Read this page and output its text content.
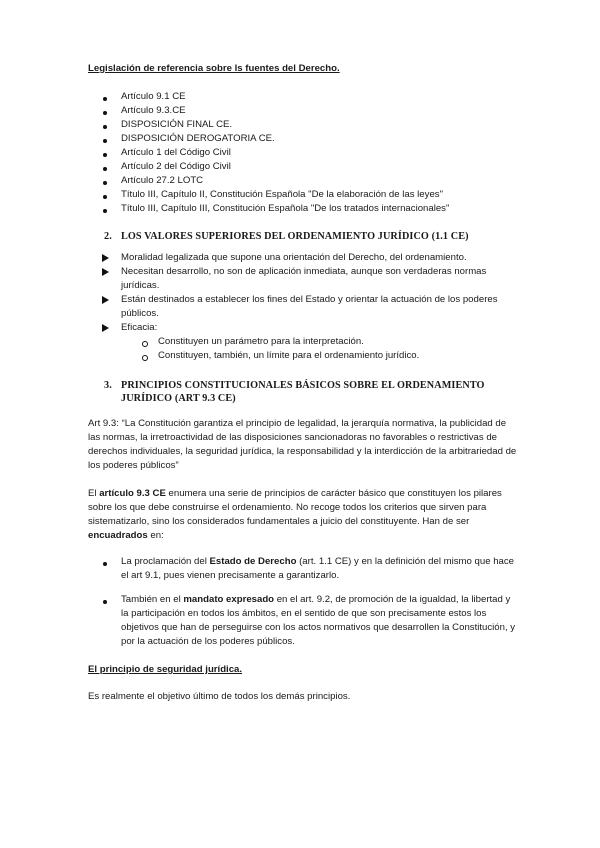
Legislación de referencia sobre ls fuentes del Derecho.
Artículo 9.1 CE
Artículo 9.3.CE
DISPOSICIÓN FINAL CE.
DISPOSICIÓN DEROGATORIA CE.
Artículo 1 del Código Civil
Artículo 2 del Código Civil
Artículo 27.2 LOTC
Título III, Capítulo II, Constitución Española "De la elaboración de las leyes"
Título III, Capítulo III, Constitución Española "De los tratados internacionales"
2. LOS VALORES SUPERIORES DEL ORDENAMIENTO JURÍDICO (1.1 CE)
Moralidad legalizada que supone una orientación del Derecho, del ordenamiento.
Necesitan desarrollo, no son de aplicación inmediata, aunque son verdaderas normas jurídicas.
Están destinados a establecer los fines del Estado y orientar la actuación de los poderes públicos.
Eficacia:
Constituyen un parámetro para la interpretación.
Constituyen, también, un límite para el ordenamiento jurídico.
3. PRINCIPIOS CONSTITUCIONALES BÁSICOS SOBRE EL ORDENAMIENTO
JURÍDICO (ART 9.3 CE)
Art 9.3: “La Constitución garantiza el principio de legalidad, la jerarquía normativa, la publicidad de las normas, la irretroactividad de las disposiciones sancionadoras no favorables o restrictivas de derechos individuales, la seguridad jurídica, la responsabilidad y la interdicción de la arbitrariedad de los poderes públicos”
El artículo 9.3 CE enumera una serie de principios de carácter básico que constituyen los pilares sobre los que debe construirse el ordenamiento. No recoge todos los criterios que sirven para sistematizarlo, sino los considerados fundamentales a juicio del constituyente. Han de ser encuadrados en:
La proclamación del Estado de Derecho (art. 1.1 CE) y en la definición del mismo que hace el art 9.1, pues vienen precisamente a garantizarlo.
También en el mandato expresado en el art. 9.2, de promoción de la igualdad, la libertad y la participación en todos los ámbitos, en el sentido de que son precisamente estos los objetivos que han de perseguirse con los actos normativos que desarrollen la Constitución, y por la actuación de los poderes públicos.
El principio de seguridad jurídica.
Es realmente el objetivo último de todos los demás principios.
